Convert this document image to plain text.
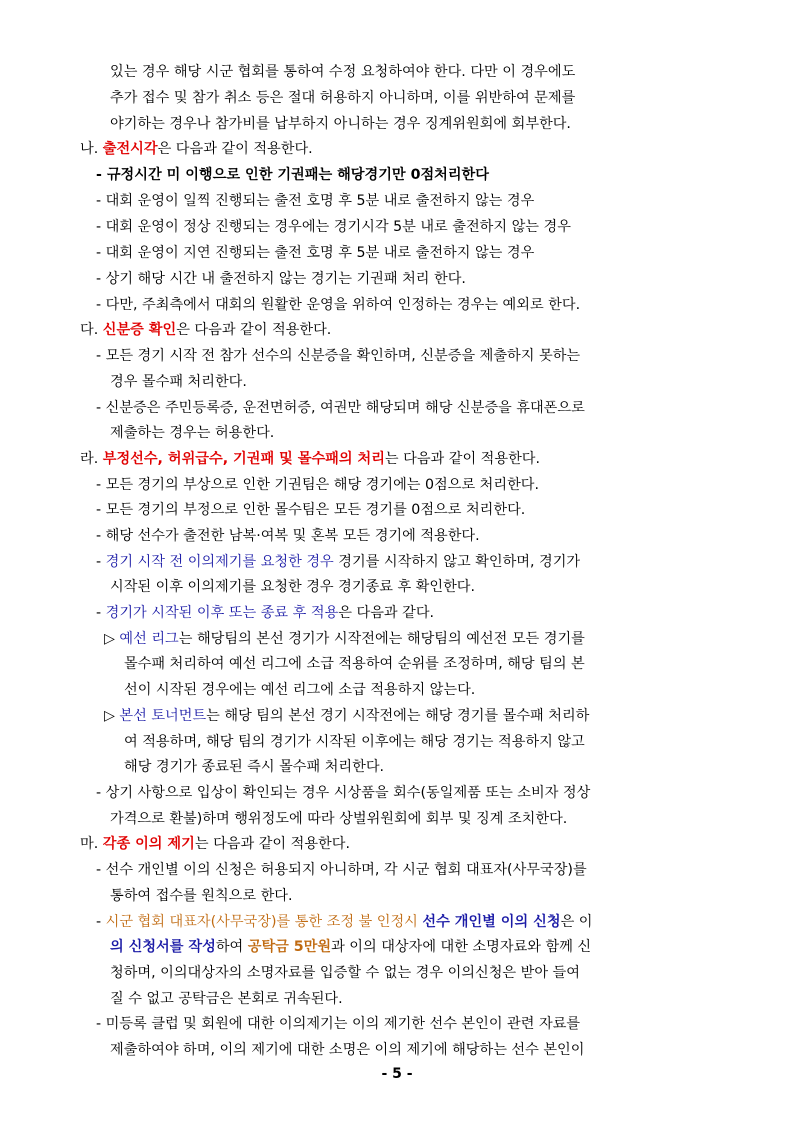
있는 경우 해당 시군 협회를 통하여 수정 요청하여야 한다. 다만 이 경우에도
추가 접수 및 참가 취소 등은 절대 허용하지 아니하며, 이를 위반하여 문제를
야기하는 경우나 참가비를 납부하지 아니하는 경우 징계위원회에 회부한다.
나. 출전시각은 다음과 같이 적용한다.
- 규정시간 미 이행으로 인한 기권패는 해당경기만 0점처리한다
- 대회 운영이 일찍 진행되는 출전 호명 후 5분 내로 출전하지 않는 경우
- 대회 운영이 정상 진행되는 경우에는 경기시각 5분 내로 출전하지 않는 경우
- 대회 운영이 지연 진행되는 출전 호명 후 5분 내로 출전하지 않는 경우
- 상기 해당 시간 내 출전하지 않는 경기는 기권패 처리 한다.
- 다만, 주최측에서 대회의 원활한 운영을 위하여 인정하는 경우는 예외로 한다.
다. 신분증 확인은 다음과 같이 적용한다.
- 모든 경기 시작 전 참가 선수의 신분증을 확인하며, 신분증을 제출하지 못하는
경우 몰수패 처리한다.
- 신분증은 주민등록증, 운전면허증, 여권만 해당되며 해당 신분증을 휴대폰으로
제출하는 경우는 허용한다.
라. 부정선수, 허위급수, 기권패 및 몰수패의 처리는 다음과 같이 적용한다.
- 모든 경기의 부상으로 인한 기권팀은 해당 경기에는 0점으로 처리한다.
- 모든 경기의 부정으로 인한 몰수팀은 모든 경기를 0점으로 처리한다.
- 해당 선수가 출전한 남복·여복 및 혼복 모든 경기에 적용한다.
- 경기 시작 전 이의제기를 요청한 경우 경기를 시작하지 않고 확인하며, 경기가
시작된 이후 이의제기를 요청한 경우 경기종료 후 확인한다.
- 경기가 시작된 이후 또는 종료 후 적용은 다음과 같다.
▷ 예선 리그는 해당팀의 본선 경기가 시작전에는 해당팀의 예선전 모든 경기를
몰수패 처리하여 예선 리그에 소급 적용하여 순위를 조정하며, 해당 팀의 본
선이 시작된 경우에는 예선 리그에 소급 적용하지 않는다.
▷ 본선 토너먼트는 해당 팀의 본선 경기 시작전에는 해당 경기를 몰수패 처리하
여 적용하며, 해당 팀의 경기가 시작된 이후에는 해당 경기는 적용하지 않고
해당 경기가 종료된 즉시 몰수패 처리한다.
- 상기 사항으로 입상이 확인되는 경우 시상품을 회수(동일제품 또는 소비자 정상
가격으로 환불)하며 행위정도에 따라 상벌위원회에 회부 및 징계 조치한다.
마. 각종 이의 제기는 다음과 같이 적용한다.
- 선수 개인별 이의 신청은 허용되지 아니하며, 각 시군 협회 대표자(사무국장)를
통하여 접수를 원칙으로 한다.
- 시군 협회 대표자(사무국장)를 통한 조정 불 인정시 선수 개인별 이의 신청은 이
의 신청서를 작성하여 공탁금 5만원과 이의 대상자에 대한 소명자료와 함께 신
청하며, 이의대상자의 소명자료를 입증할 수 없는 경우 이의신청은 받아 들여
질 수 없고 공탁금은 본회로 귀속된다.
- 미등록 클럽 및 회원에 대한 이의제기는 이의 제기한 선수 본인이 관련 자료를
제출하여야 하며, 이의 제기에 대한 소명은 이의 제기에 해당하는 선수 본인이
- 5 -
